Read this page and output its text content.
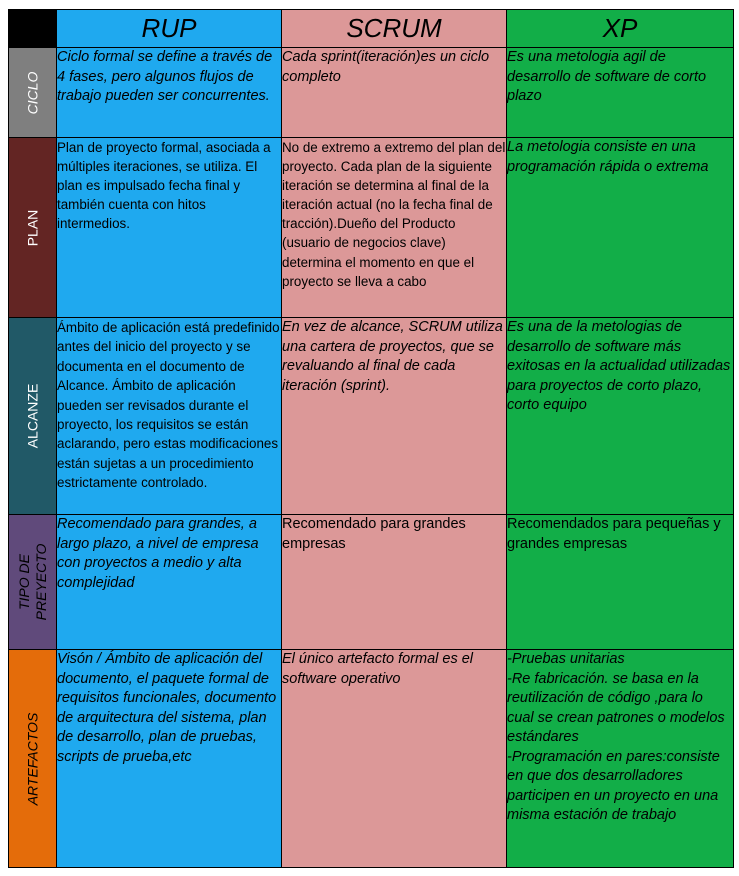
	RUP	SCRUM	XP

CICLO	Ciclo formal se define a través de 4 fases, pero algunos flujos de trabajo pueden ser concurrentes.	Cada sprint(iteración)es un ciclo completo	Es una metologia agil de desarrollo de software de corto plazo

PLAN	Plan de proyecto formal, asociada a múltiples iteraciones, se utiliza. El plan es impulsado fecha final y también cuenta con hitos intermedios.	No de extremo a extremo del plan del proyecto. Cada plan de la siguiente iteración se determina al final de la iteración actual (no la fecha final de tracción).Dueño del Producto (usuario de negocios clave) determina el momento en que el proyecto se lleva a cabo	La metologia consiste en una programación rápida o extrema

ALCANZE	Ámbito de aplicación está predefinido antes del inicio del proyecto y se documenta en el documento de Alcance. Ámbito de aplicación pueden ser revisados durante el proyecto, los requisitos se están aclarando, pero estas modificaciones están sujetas a un procedimiento estrictamente controlado.	En vez de alcance, SCRUM utiliza una cartera de proyectos, que se revaluando al final de cada iteración (sprint).	Es una de la metologias de desarrollo de software más exitosas en la actualidad utilizadas para proyectos de corto plazo, corto equipo

TIPO DE
PREYECTO	Recomendado para grandes, a largo plazo, a nivel de empresa con proyectos a medio y alta complejidad	Recomendado para grandes empresas	Recomendados para pequeñas y grandes empresas

ARTEFACTOS	Visón / Ámbito de aplicación del documento, el paquete formal de requisitos funcionales, documento de arquitectura del sistema, plan de desarrollo, plan de pruebas, scripts de prueba,etc	El único artefacto formal es el software operativo	-Pruebas unitarias
-Re fabricación. se basa en la reutilización de código ,para lo cual se crean patrones o modelos estándares
-Programación en pares:consiste en que dos desarrolladores participen en un proyecto en una misma estación de trabajo
